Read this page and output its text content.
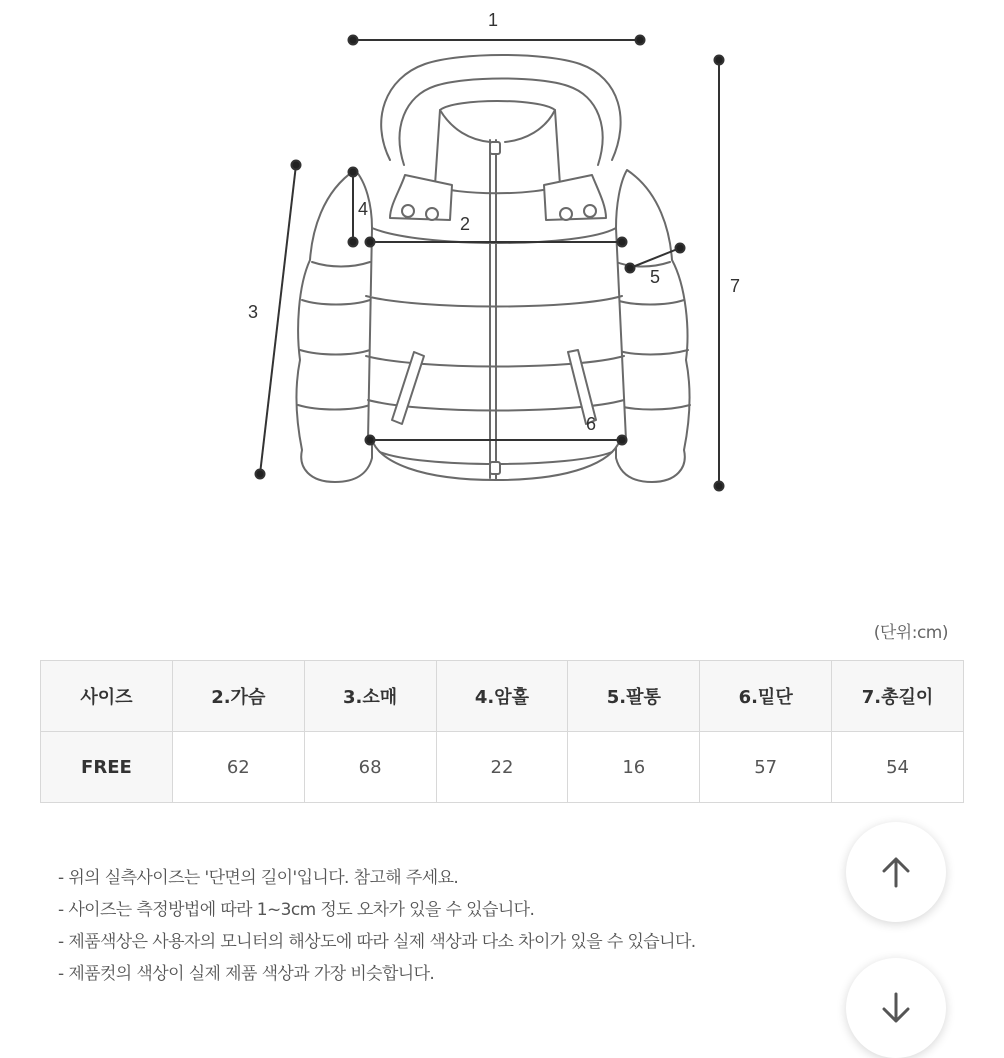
1
2
3
4
5
6
7
(단위:cm)
사이즈	2.가슴	3.소매	4.암홀	5.팔통	6.밑단	7.총길이
FREE	62	68	22	16	57	54
- 위의 실측사이즈는 '단면의 길이'입니다. 참고해 주세요.
- 사이즈는 측정방법에 따라 1~3cm 정도 오차가 있을 수 있습니다.
- 제품색상은 사용자의 모니터의 해상도에 따라 실제 색상과 다소 차이가 있을 수 있습니다.
- 제품컷의 색상이 실제 제품 색상과 가장 비슷합니다.
